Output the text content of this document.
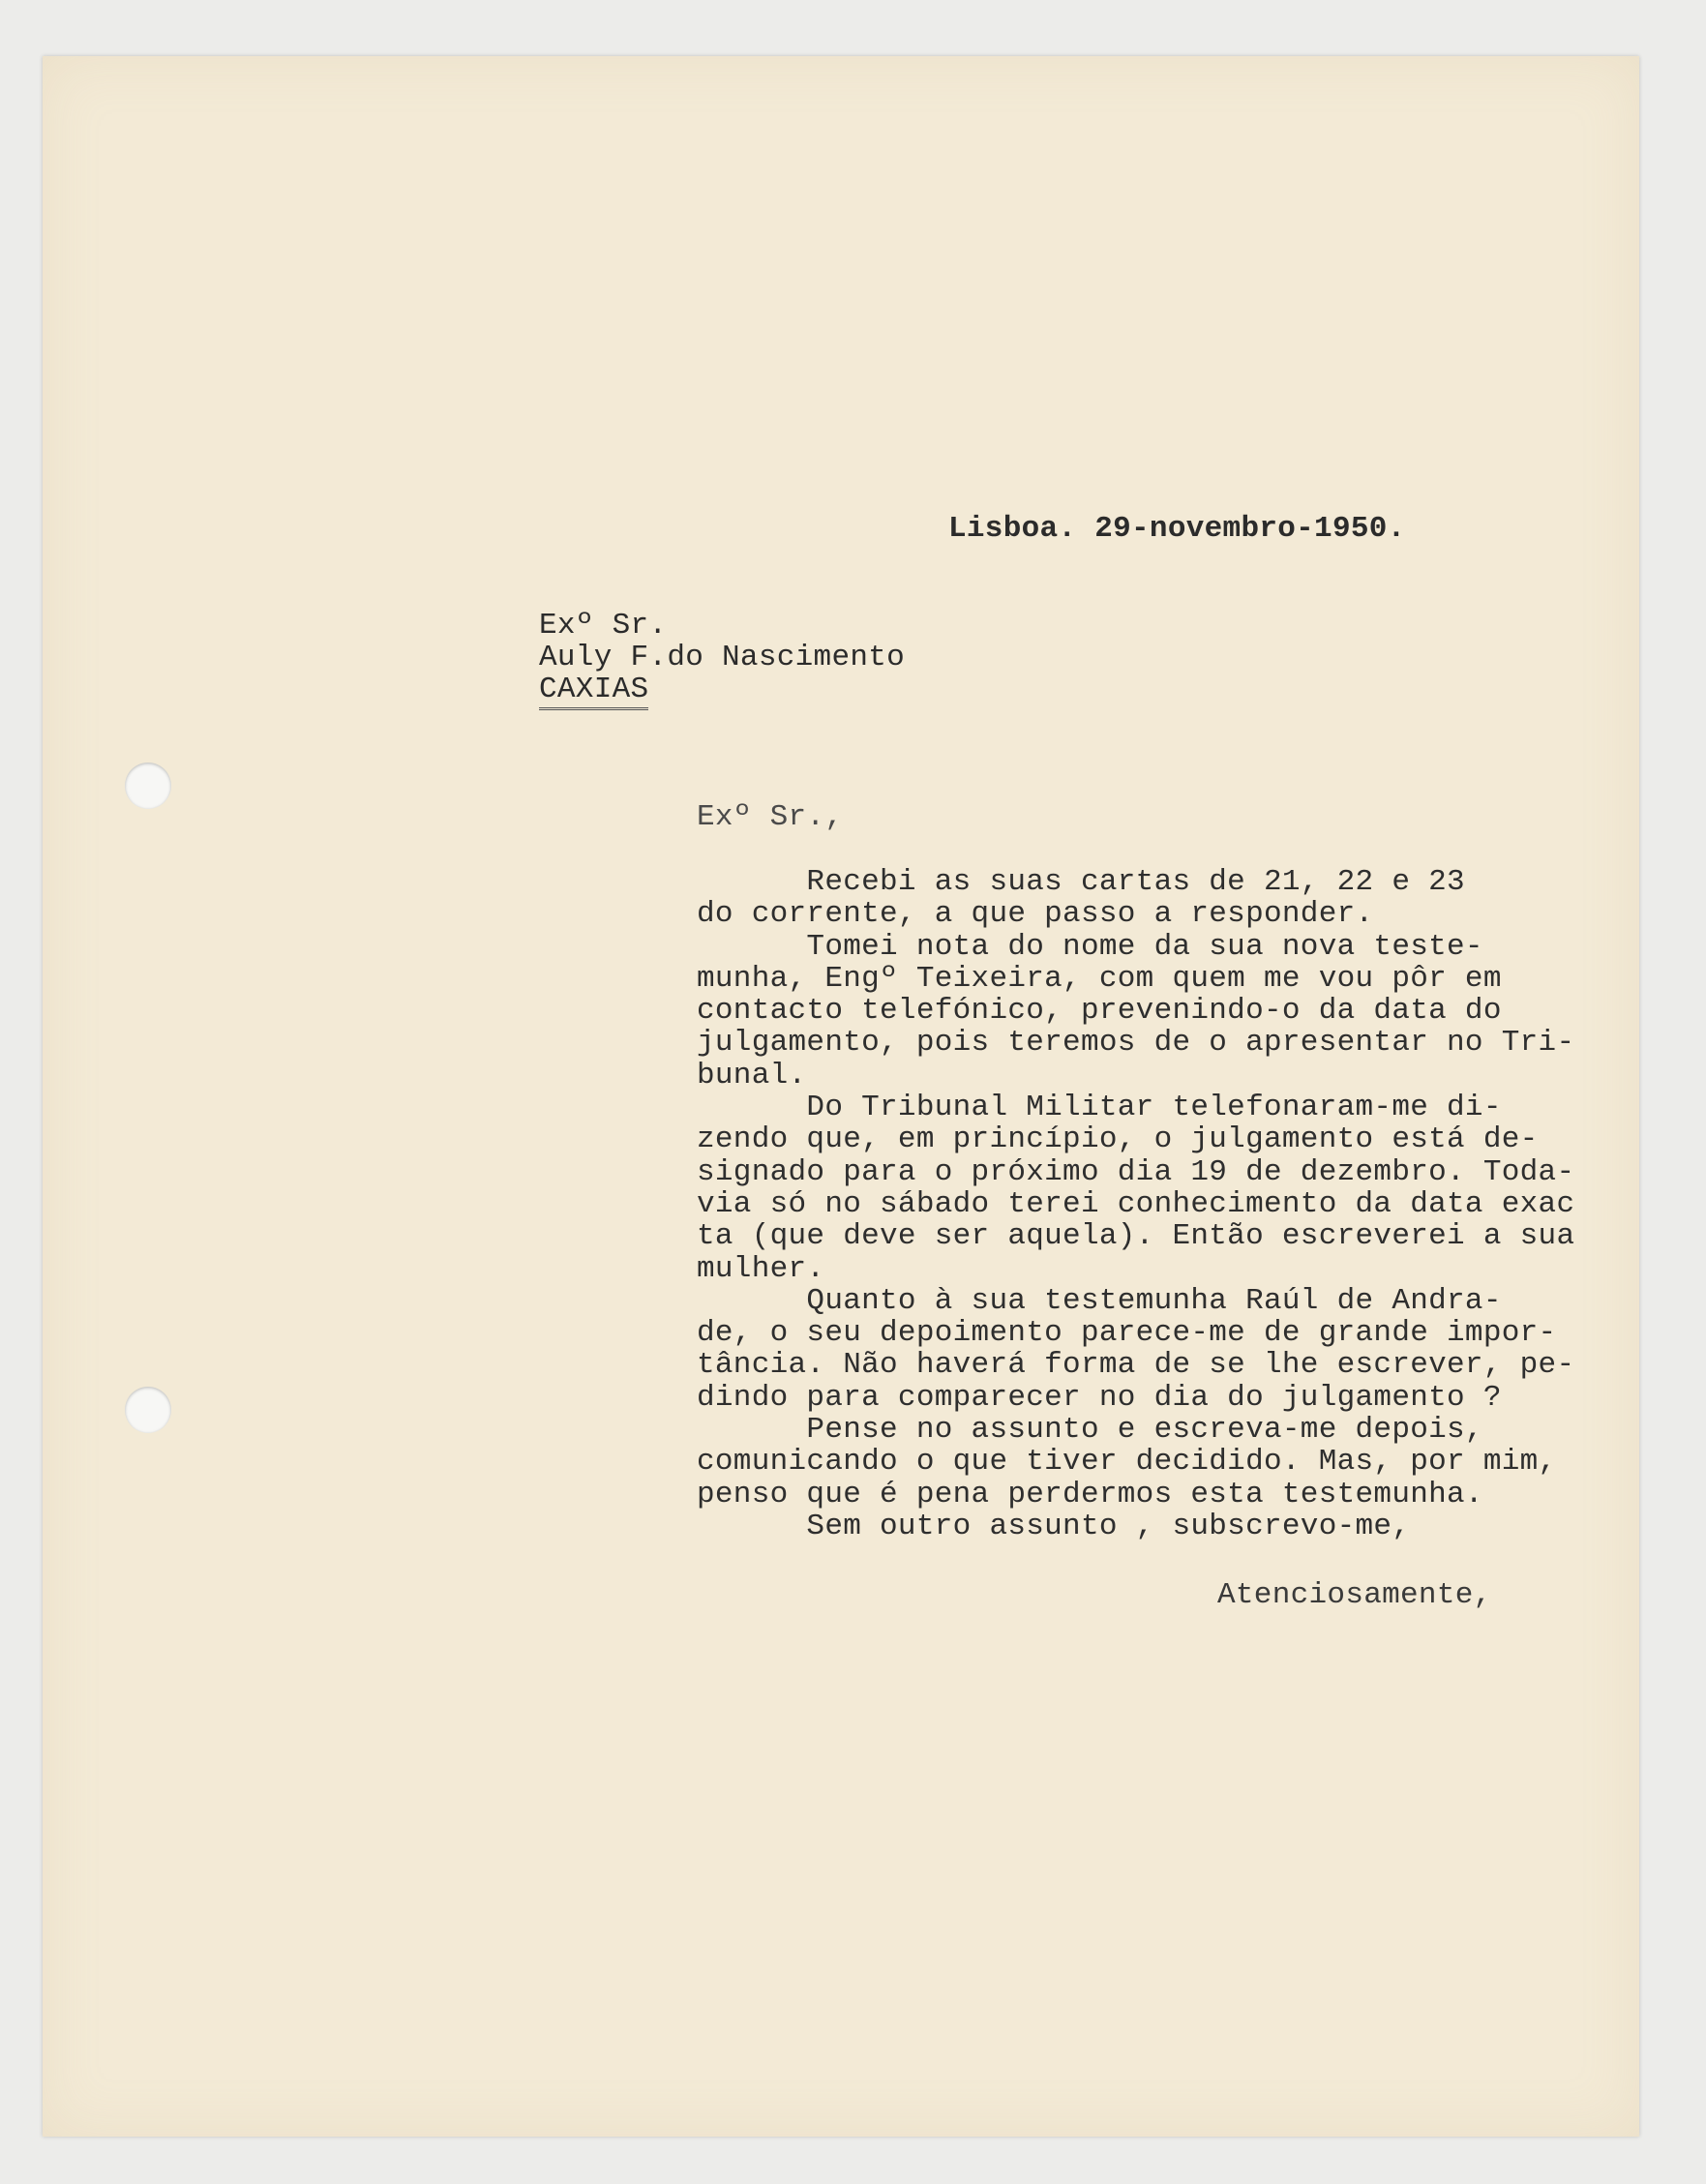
Lisboa. 29-novembro-1950.
Exº Sr.
Auly F.do Nascimento
CAXIAS
Exº Sr.,
Recebi as suas cartas de 21, 22 e 23
do corrente, a que passo a responder.
Tomei nota do nome da sua nova teste-
munha, Engº Teixeira, com quem me vou pôr em
contacto telefónico, prevenindo-o da data do
julgamento, pois teremos de o apresentar no Tri-
bunal.
Do Tribunal Militar telefonaram-me di-
zendo que, em princípio, o julgamento está de-
signado para o próximo dia 19 de dezembro. Toda-
via só no sábado terei conhecimento da data exac
ta (que deve ser aquela). Então escreverei a sua
mulher.
Quanto à sua testemunha Raúl de Andra-
de, o seu depoimento parece-me de grande impor-
tância. Não haverá forma de se lhe escrever, pe-
dindo para comparecer no dia do julgamento ?
Pense no assunto e escreva-me depois,
comunicando o que tiver decidido. Mas, por mim,
penso que é pena perdermos esta testemunha.
Sem outro assunto , subscrevo-me,
Atenciosamente,
